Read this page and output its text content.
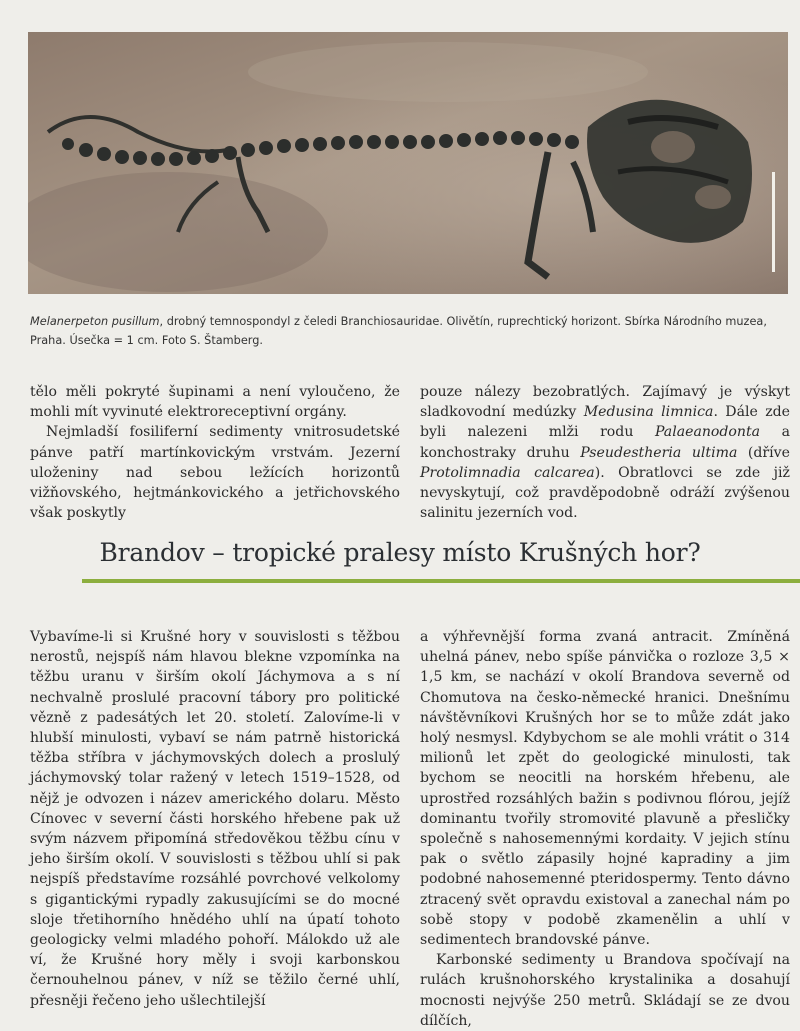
Melanerpeton pusillum, drobný temnospondyl z čeledi Branchiosauridae. Olivětín, ruprechtický horizont. Sbírka Národního muzea, Praha. Úsečka = 1 cm. Foto S. Štamberg.

tělo měli pokryté šupinami a není vyloučeno, že mohli mít vyvinuté elektroreceptivní orgány.

Nejmladší fosiliferní sedimenty vnitrosudetské pánve patří martínkovickým vrstvám. Jezerní uloženiny nad sebou ležících horizontů vižňovského, hejtmánkovického a jetřichovského však poskytly

pouze nálezy bezobratlých. Zajímavý je výskyt sladkovodní medúzky Medusina limnica. Dále zde byli nalezeni mlži rodu Palaeanodonta a konchostraky druhu Pseudestheria ultima (dříve Protolimnadia calcarea). Obratlovci se zde již nevyskytují, což pravděpodobně odráží zvýšenou salinitu jezerních vod.

Brandov – tropické pralesy místo Krušných hor?

Vybavíme-li si Krušné hory v souvislosti s těžbou nerostů, nejspíš nám hlavou blekne vzpomínka na těžbu uranu v širším okolí Jáchymova a s ní nechvalně proslulé pracovní tábory pro politické vězně z padesátých let 20. století. Zalovíme-li v hlubší minulosti, vybaví se nám patrně historická těžba stříbra v jáchymovských dolech a proslulý jáchymovský tolar ražený v letech 1519–1528, od nějž je odvozen i název amerického dolaru. Město Cínovec v severní části horského hřebene pak už svým názvem připomíná středověkou těžbu cínu v jeho širším okolí. V souvislosti s těžbou uhlí si pak nejspíš představíme rozsáhlé povrchové velkolomy s gigantickými rypadly zakusujícími se do mocné sloje třetihorního hnědého uhlí na úpatí tohoto geologicky velmi mladého pohoří. Málokdo už ale ví, že Krušné hory měly i svoji karbonskou černouhelnou pánev, v níž se těžilo černé uhlí, přesněji řečeno jeho ušlechtilejší

a výhřevnější forma zvaná antracit. Zmíněná uhelná pánev, nebo spíše pánvička o rozloze 3,5 × 1,5 km, se nachází v okolí Brandova severně od Chomutova na česko-německé hranici. Dnešnímu návštěvníkovi Krušných hor se to může zdát jako holý nesmysl. Kdybychom se ale mohli vrátit o 314 milionů let zpět do geologické minulosti, tak bychom se neocitli na horském hřebenu, ale uprostřed rozsáhlých bažin s podivnou flórou, jejíž dominantu tvořily stromovité plavuně a přesličky společně s nahosemennými kordaity. V jejich stínu pak o světlo zápasily hojné kapradiny a jim podobné nahosemenné pteridospermy. Tento dávno ztracený svět opravdu existoval a zanechal nám po sobě stopy v podobě zkamenělin a uhlí v sedimentech brandovské pánve.

Karbonské sedimenty u Brandova spočívají na rulách krušnohorského krystalinika a dosahují mocnosti nejvýše 250 metrů. Skládají se ze dvou dílčích,
